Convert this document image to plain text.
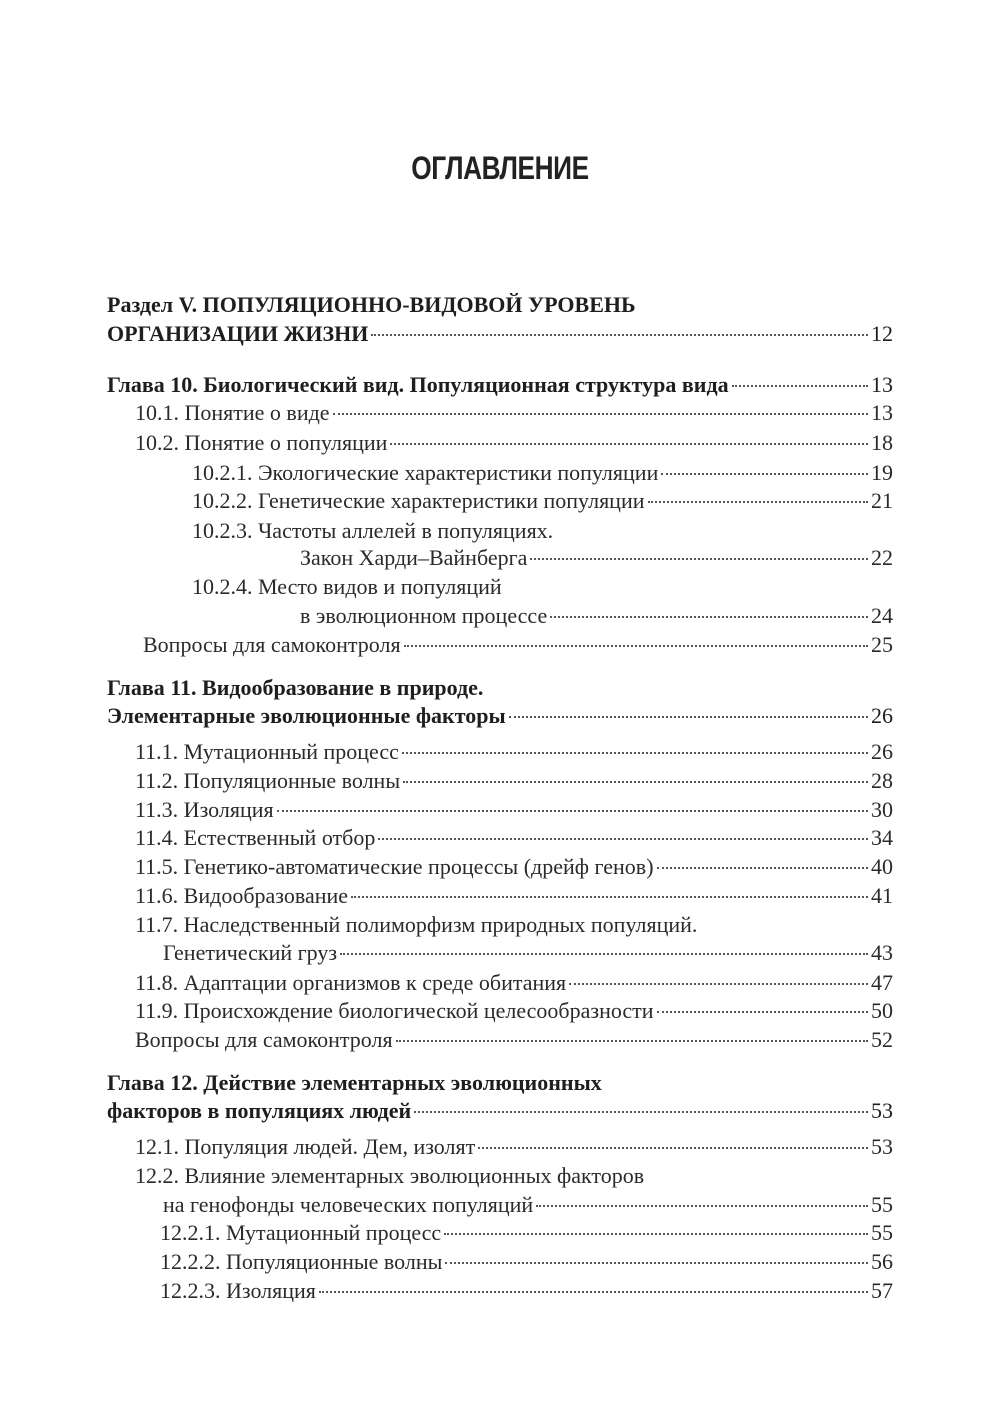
ОГЛАВЛЕНИЕ
Раздел V. ПОПУЛЯЦИОННО-ВИДОВОЙ УРОВЕНЬ
ОРГАНИЗАЦИИ ЖИЗНИ	12
Глава 10. Биологический вид. Популяционная структура вида	13
10.1. Понятие о виде	13
10.2. Понятие о популяции	18
10.2.1. Экологические характеристики популяции	19
10.2.2. Генетические характеристики популяции	21
10.2.3. Частоты аллелей в популяциях.
Закон Харди–Вайнберга	22
10.2.4. Место видов и популяций
в эволюционном процессе	24
Вопросы для самоконтроля	25
Глава 11. Видообразование в природе.
Элементарные эволюционные факторы	26
11.1. Мутационный процесс	26
11.2. Популяционные волны	28
11.3. Изоляция	30
11.4. Естественный отбор	34
11.5. Генетико-автоматические процессы (дрейф генов)	40
11.6. Видообразование	41
11.7. Наследственный полиморфизм природных популяций.
Генетический груз	43
11.8. Адаптации организмов к среде обитания	47
11.9. Происхождение биологической целесообразности	50
Вопросы для самоконтроля	52
Глава 12. Действие элементарных эволюционных
факторов в популяциях людей	53
12.1. Популяция людей. Дем, изолят	53
12.2. Влияние элементарных эволюционных факторов
на генофонды человеческих популяций	55
12.2.1. Мутационный процесс	55
12.2.2. Популяционные волны	56
12.2.3. Изоляция	57
